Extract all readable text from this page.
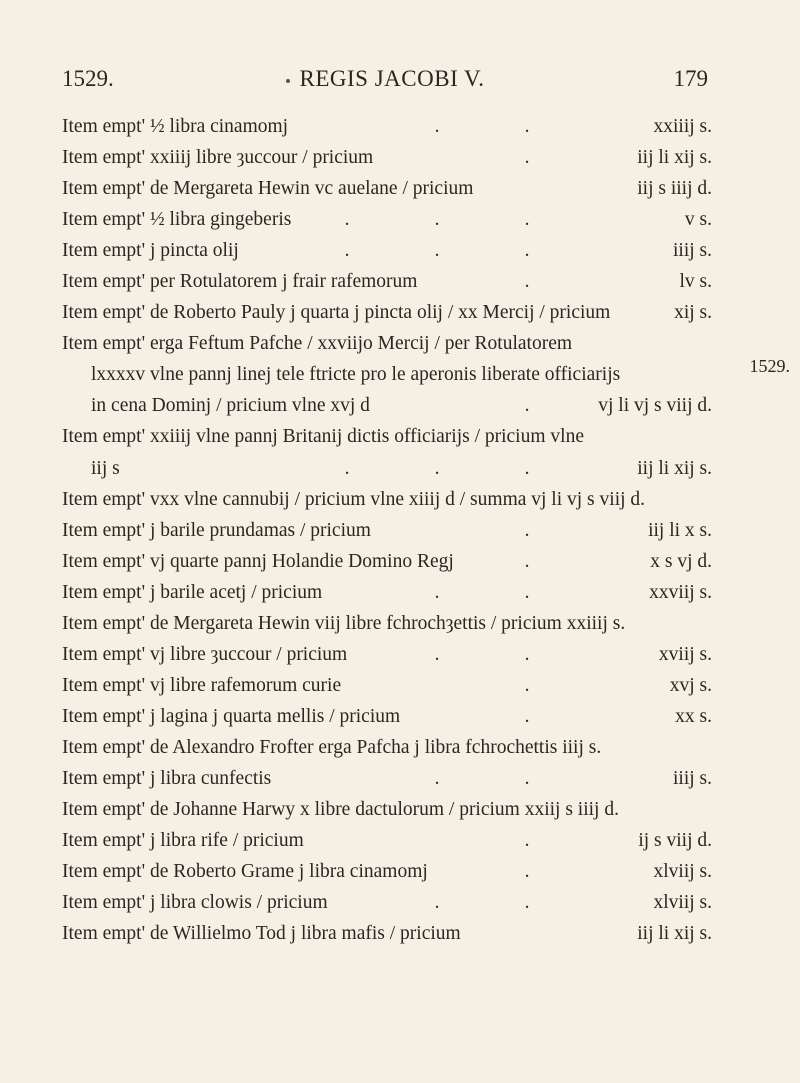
1529.	REGIS JACOBI V.	179
Item empt' ½ libra cinamomj	.	.	xxiiij s.
Item empt' xxiiij libre ȝuccour / pricium	.	iij li xij s.
Item empt' de Mergareta Hewin vc auelane / pricium	iij s iiij d.
Item empt' ½ libra gingeberis	.	.	.	v s.
Item empt' j pincta olij	.	.	.	iiij s.
Item empt' per Rotulatorem j frair rafemorum	.	lv s.
Item empt' de Roberto Pauly j quarta j pincta olij / xx Mercij / pricium	xij s.
Item empt' erga Feftum Pafche / xxviijo Mercij / per Rotulatorem
lxxxxv vlne pannj linej tele ftricte pro le aperonis liberate officiarijs
in cena Dominj / pricium vlne xvj d	.	vj li vj s viij d.
Item empt' xxiiij vlne pannj Britanij dictis officiarijs / pricium vlne
iij s	.	.	.	iij li xij s.
Item empt' vxx vlne cannubij / pricium vlne xiiij d / summa vj li vj s viij d.
Item empt' j barile prundamas / pricium	.	iij li x s.
Item empt' vj quarte pannj Holandie Domino Regj	.	x s vj d.
Item empt' j barile acetj / pricium	.	.	xxviij s.
Item empt' de Mergareta Hewin viij libre fchrochȝettis / pricium xxiiij s.
Item empt' vj libre ȝuccour / pricium	.	.	xviij s.
Item empt' vj libre rafemorum curie	.	xvj s.
Item empt' j lagina j quarta mellis / pricium	.	xx s.
Item empt' de Alexandro Frofter erga Pafcha j libra fchrochettis iiij s.
Item empt' j libra cunfectis	.	.	iiij s.
Item empt' de Johanne Harwy x libre dactulorum / pricium xxiij s iiij d.
Item empt' j libra rife / pricium	.	ij s viij d.
Item empt' de Roberto Grame j libra cinamomj	.	xlviij s.
Item empt' j libra clowis / pricium	.	.	xlviij s.
Item empt' de Willielmo Tod j libra mafis / pricium	iij li xij s.
1529.
